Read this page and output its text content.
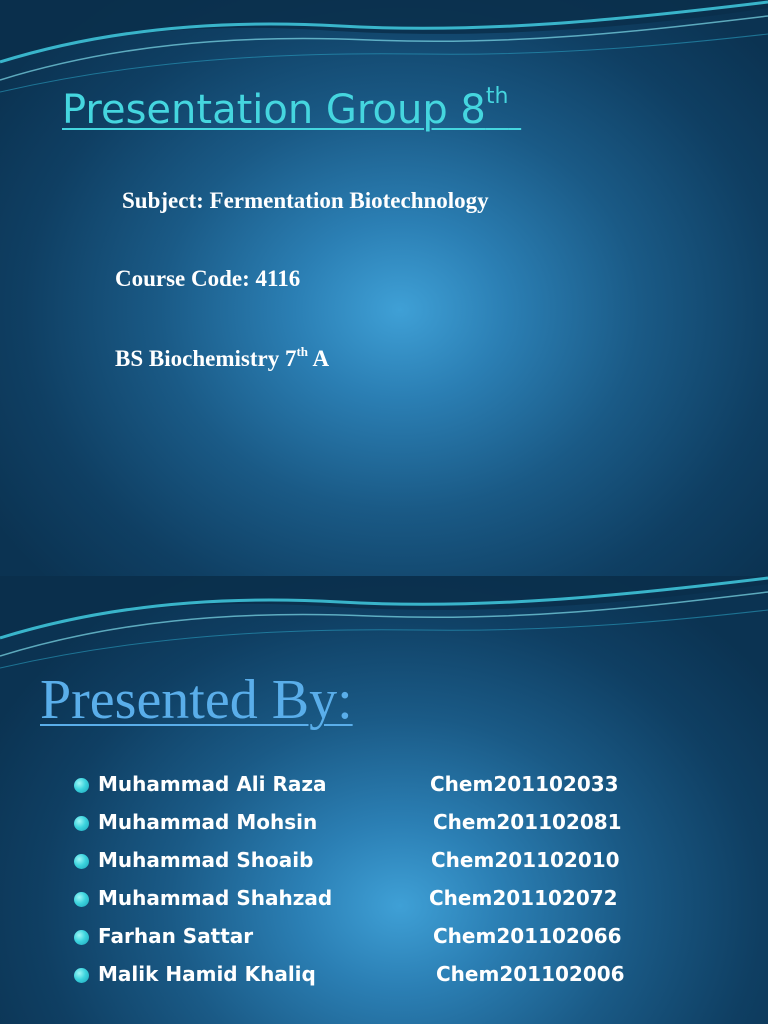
Presentation Group 8th

Subject: Fermentation Biotechnology

Course Code: 4116

BS Biochemistry 7th A

Presented By:
Muhammad Ali Raza	Chem201102033
Muhammad Mohsin	Chem201102081
Muhammad Shoaib	Chem201102010
Muhammad Shahzad	Chem201102072
Farhan Sattar	Chem201102066
Malik Hamid Khaliq	Chem201102006
